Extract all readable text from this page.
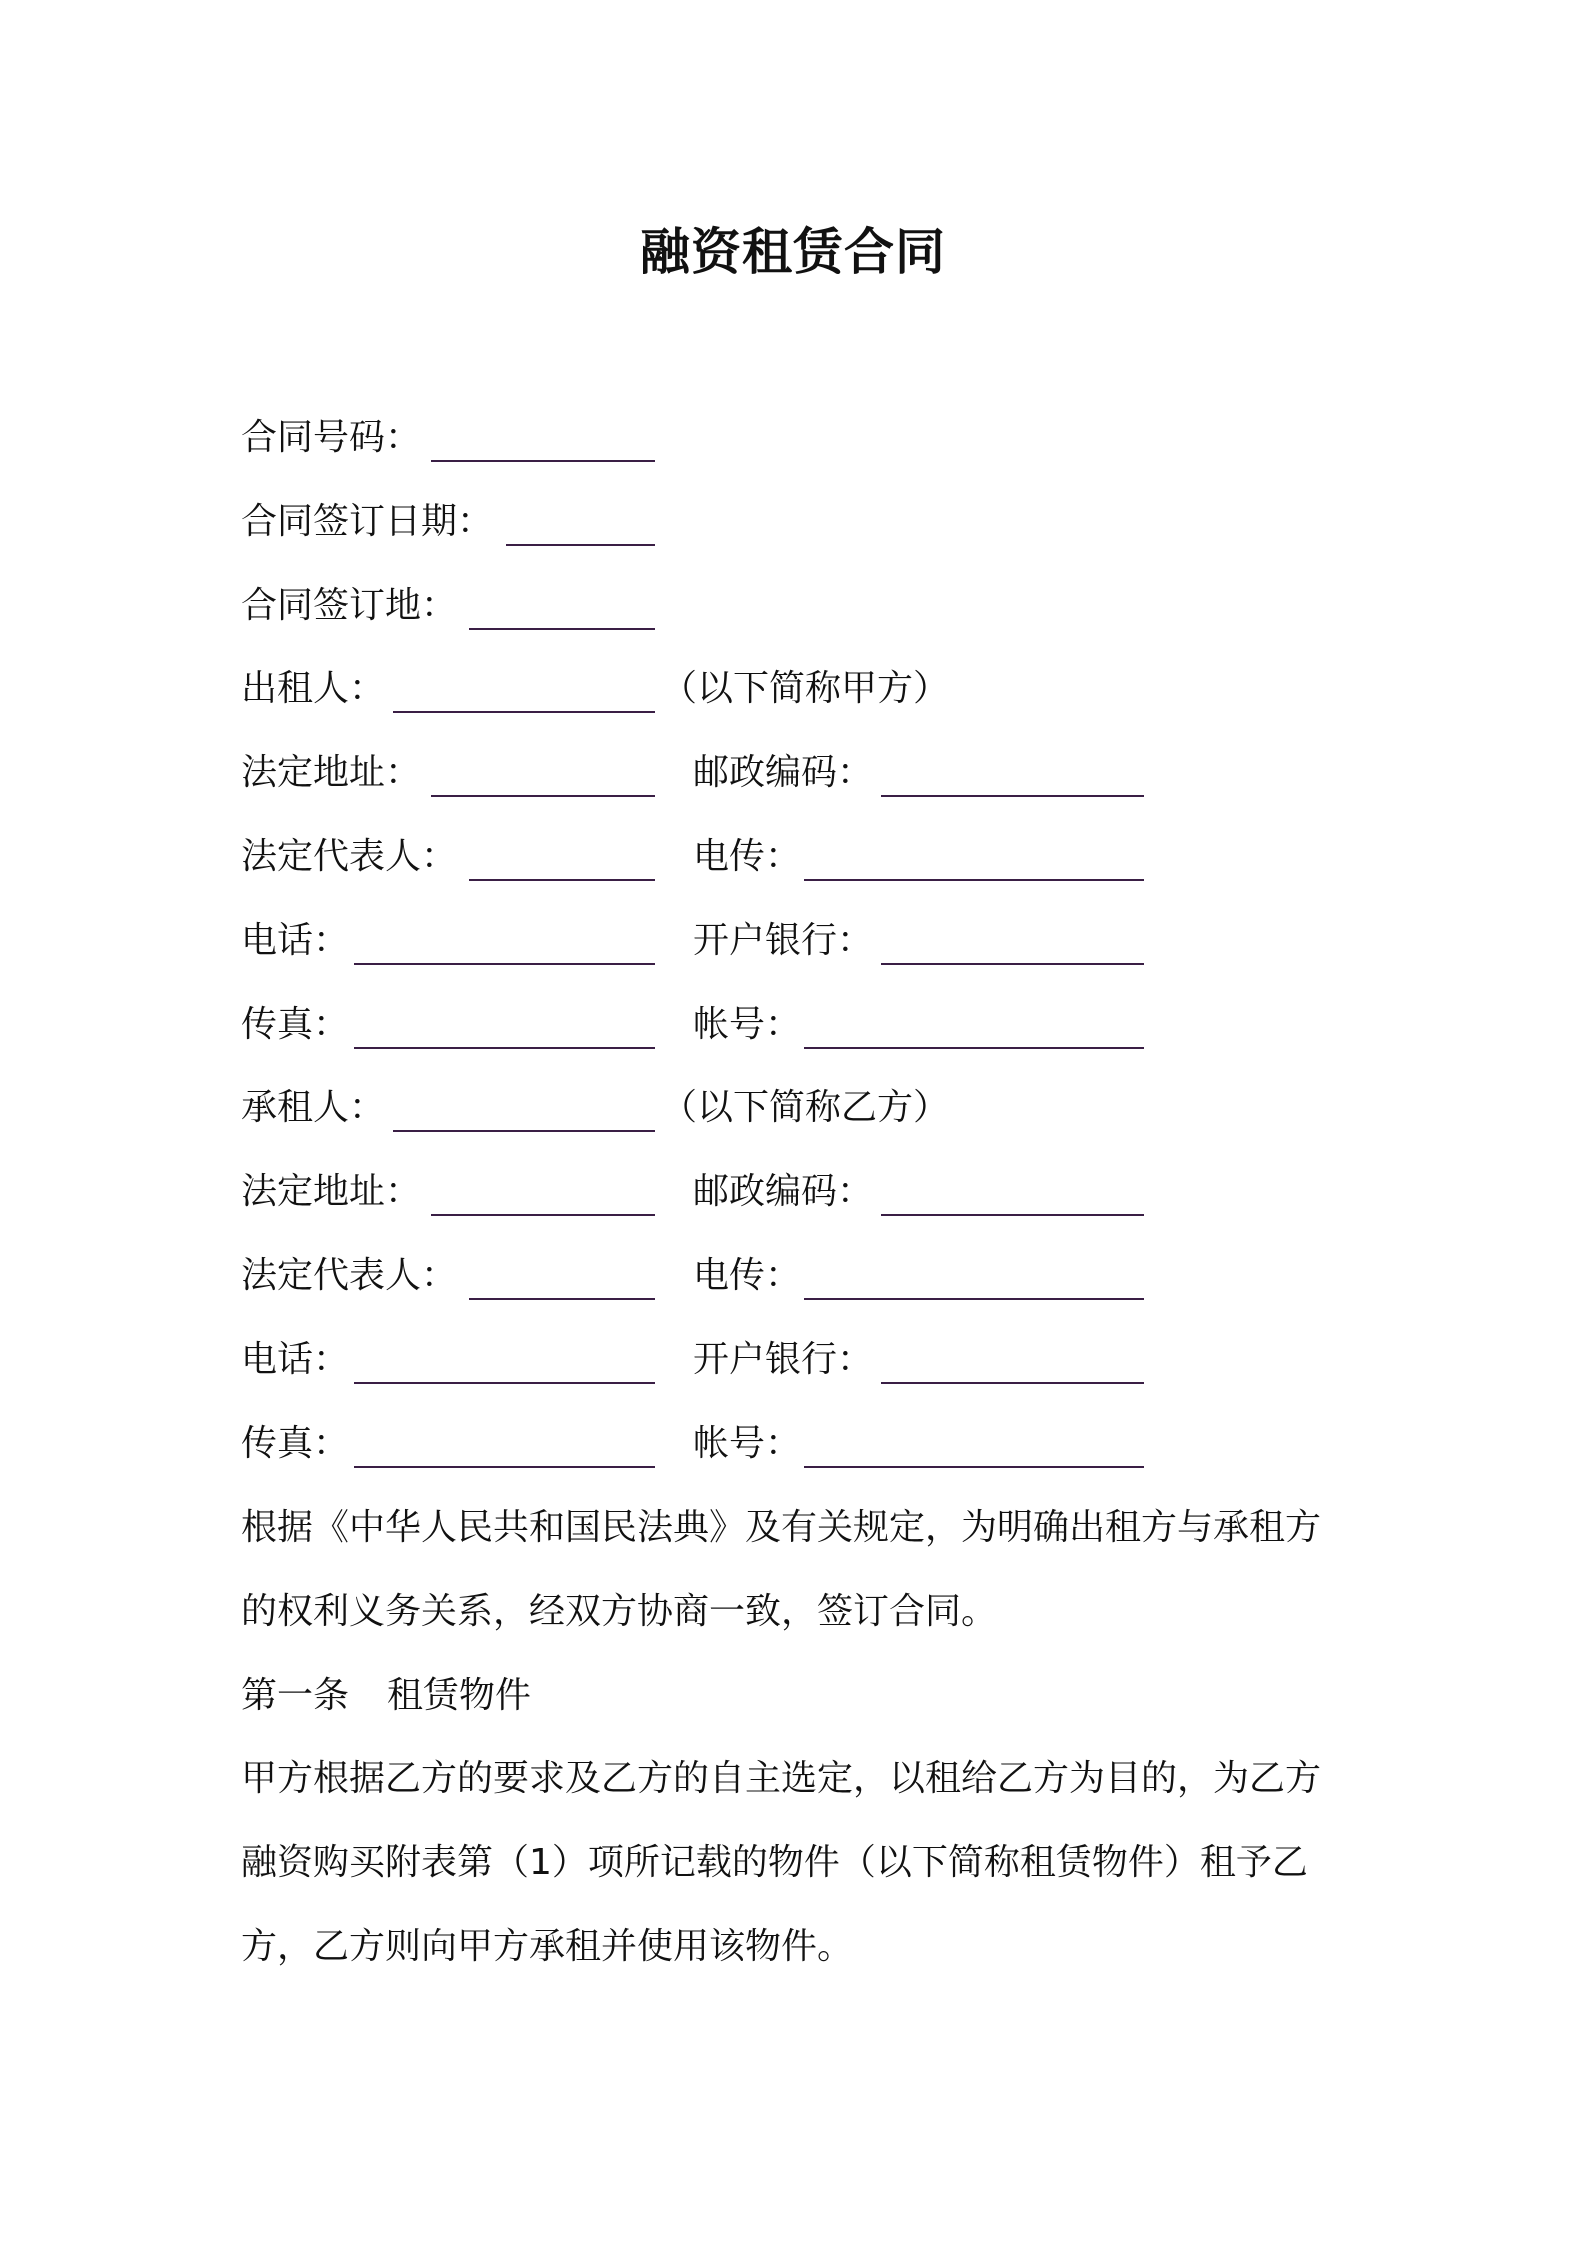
融资租赁合同
合同号码：
合同签订日期：
合同签订地：
出租人：	（以下简称甲方）
法定地址：	邮政编码：
法定代表人：	电传：
电话：	开户银行：
传真：	帐号：
承租人：	（以下简称乙方）
法定地址：	邮政编码：
法定代表人：	电传：
电话：	开户银行：
传真：	帐号：
根据《中华人民共和国民法典》及有关规定，为明确出租方与承租方
的权利义务关系，经双方协商一致，签订合同。
第一条 租赁物件
甲方根据乙方的要求及乙方的自主选定，以租给乙方为目的，为乙方
融资购买附表第（1）项所记载的物件（以下简称租赁物件）租予乙
方，乙方则向甲方承租并使用该物件。
